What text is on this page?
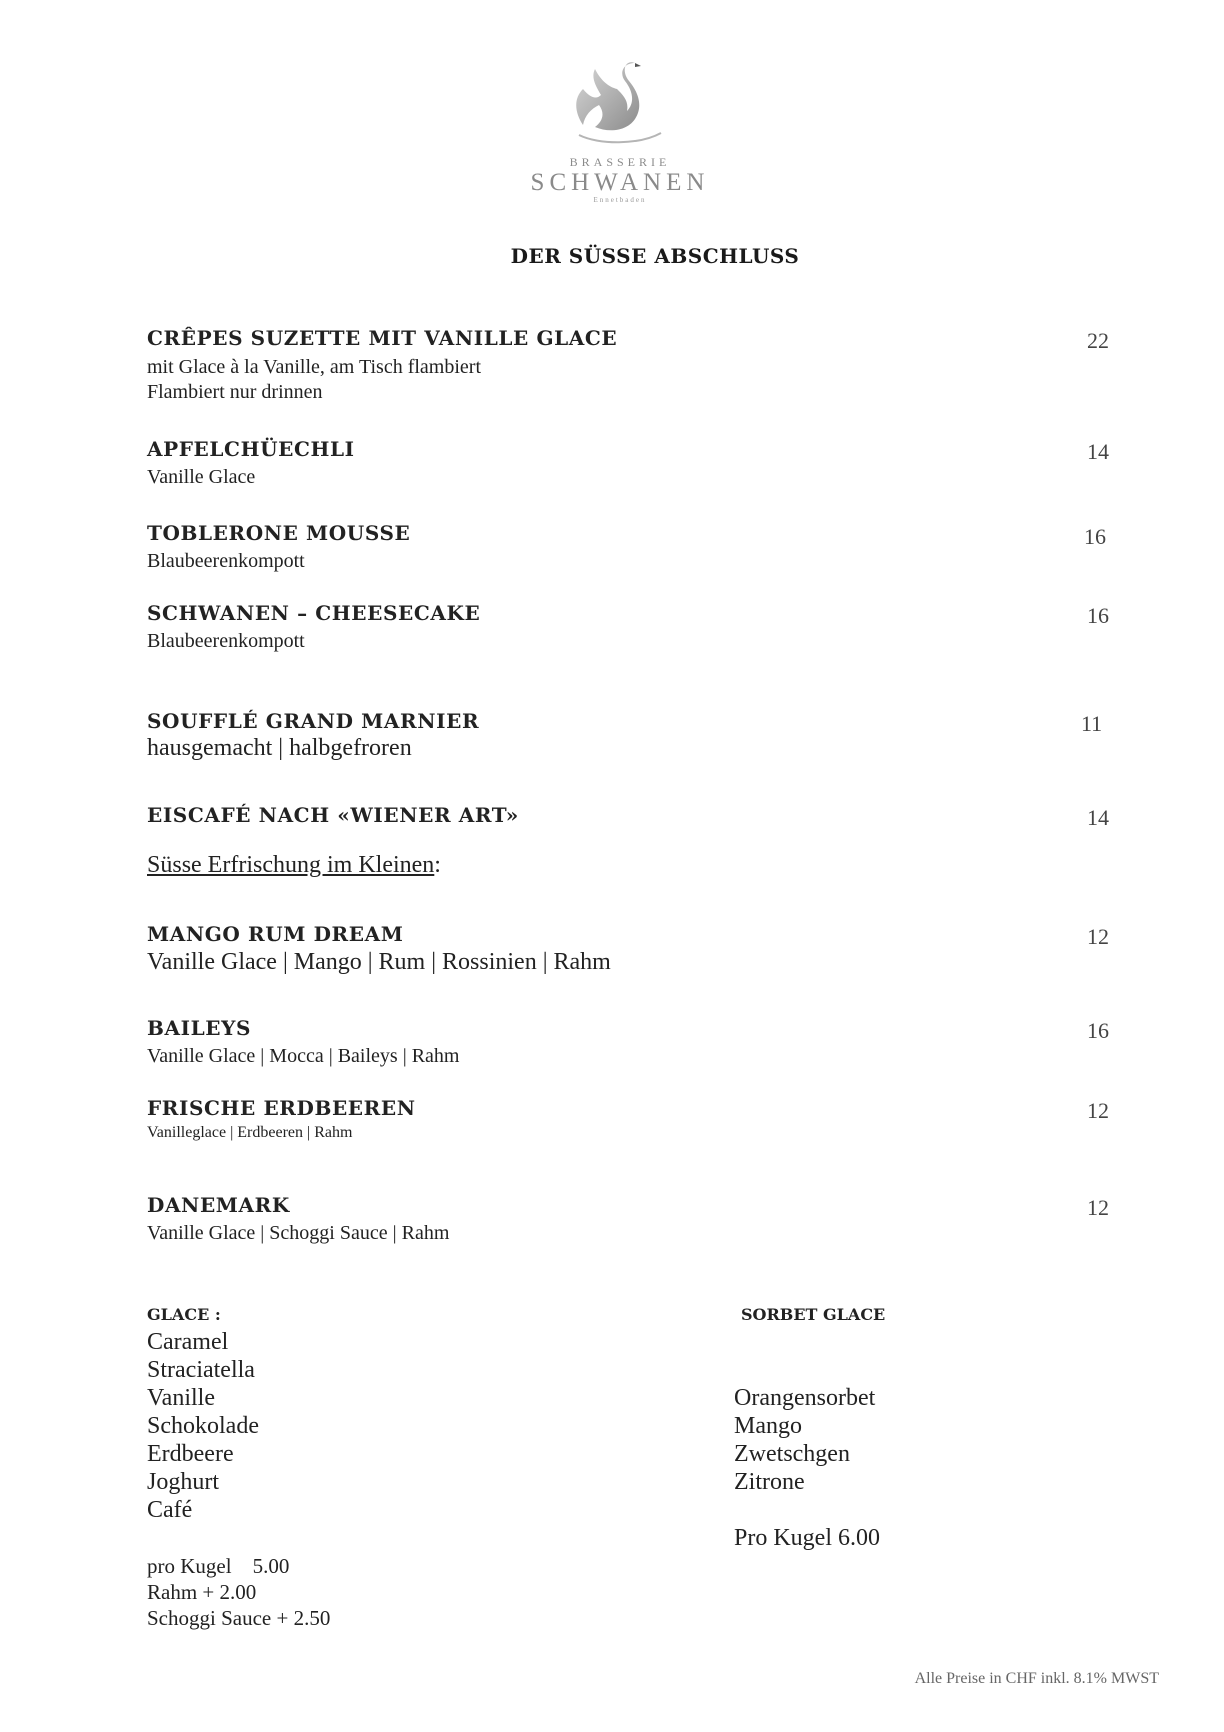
BRASSERIE
SCHWANEN
Ennetbaden
DER SÜSSE ABSCHLUSS
CRÊPES SUZETTE MIT VANILLE GLACE
mit Glace à la Vanille, am Tisch flambiert
Flambiert nur drinnen
22
APFELCHÜECHLI
Vanille Glace
14
TOBLERONE MOUSSE
Blaubeerenkompott
16
SCHWANEN – CHEESECAKE
Blaubeerenkompott
16
SOUFFLÉ GRAND MARNIER
hausgemacht | halbgefroren
11
EISCAFÉ NACH «WIENER ART»	14
Süsse Erfrischung im Kleinen:
MANGO RUM DREAM
Vanille Glace | Mango | Rum | Rossinien | Rahm
12
BAILEYS
Vanille Glace | Mocca | Baileys | Rahm
16
FRISCHE ERDBEEREN
Vanilleglace | Erdbeeren | Rahm
12
DANEMARK
Vanille Glace | Schoggi Sauce | Rahm
12
GLACE :
Caramel
Straciatella
Vanille
Schokolade
Erdbeere
Joghurt
Café
pro Kugel    5.00
Rahm + 2.00
Schoggi Sauce + 2.50
SORBET GLACE
Orangensorbet
Mango
Zwetschgen
Zitrone
Pro Kugel 6.00
Alle Preise in CHF inkl. 8.1% MWST
